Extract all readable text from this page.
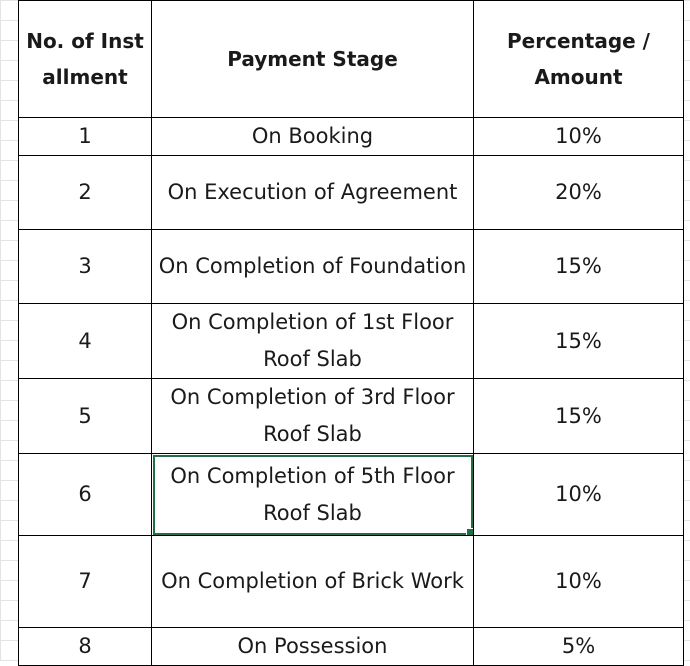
No. of Installment	Payment Stage	Percentage / Amount
1	On Booking	10%
2	On Execution of Agreement	20%
3	On Completion of Foundation	15%
4	On Completion of 1st Floor Roof Slab	15%
5	On Completion of 3rd Floor Roof Slab	15%
6	On Completion of 5th Floor Roof Slab	10%
7	On Completion of Brick Work	10%
8	On Possession	5%
